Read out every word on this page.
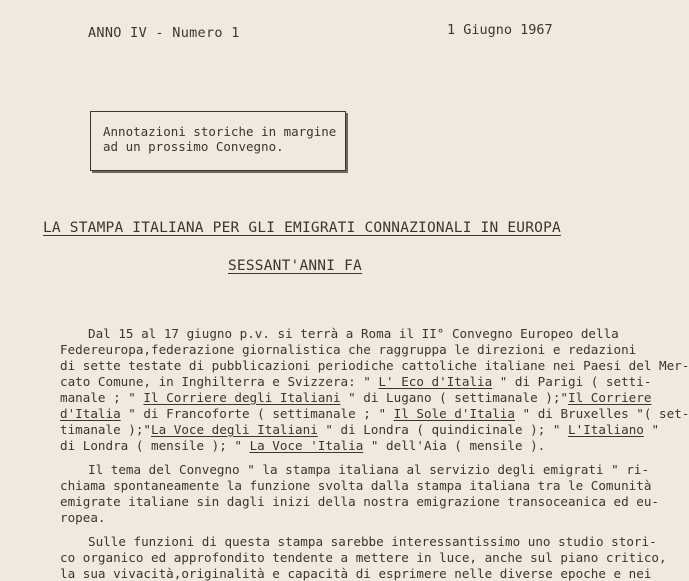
ANNO IV - Numero 1	1 Giugno 1967
Annotazioni storiche in margine
ad un prossimo Convegno.
LA STAMPA ITALIANA PER GLI EMIGRATI CONNAZIONALI IN EUROPA
SESSANT'ANNI FA
Dal 15 al 17 giugno p.v. si terrà a Roma il II° Convegno Europeo della
Federeuropa,federazione giornalistica che raggruppa le direzioni e redazioni
di sette testate di pubblicazioni periodiche cattoliche italiane nei Paesi del Mer-
cato Comune, in Inghilterra e Svizzera: " L' Eco d'Italia " di Parigi ( setti-
manale ; " Il Corriere degli Italiani " di Lugano ( settimanale );"Il Corriere
d'Italia " di Francoforte ( settimanale ; " Il Sole d'Italia " di Bruxelles "( set-
timanale );"La Voce degli Italiani " di Londra ( quindicinale ); " L'Italiano "
di Londra ( mensile ); " La Voce 'Italia " dell'Aia ( mensile ).
Il tema del Convegno " la stampa italiana al servizio degli emigrati " ri-
chiama spontaneamente la funzione svolta dalla stampa italiana tra le Comunità
emigrate italiane sin dagli inizi della nostra emigrazione transoceanica ed eu-
ropea.
Sulle funzioni di questa stampa sarebbe interessantissimo uno studio stori-
co organico ed approfondito tendente a mettere in luce, anche sul piano critico,
la sua vivacità,originalità e capacità di esprimere nelle diverse epoche e nei
